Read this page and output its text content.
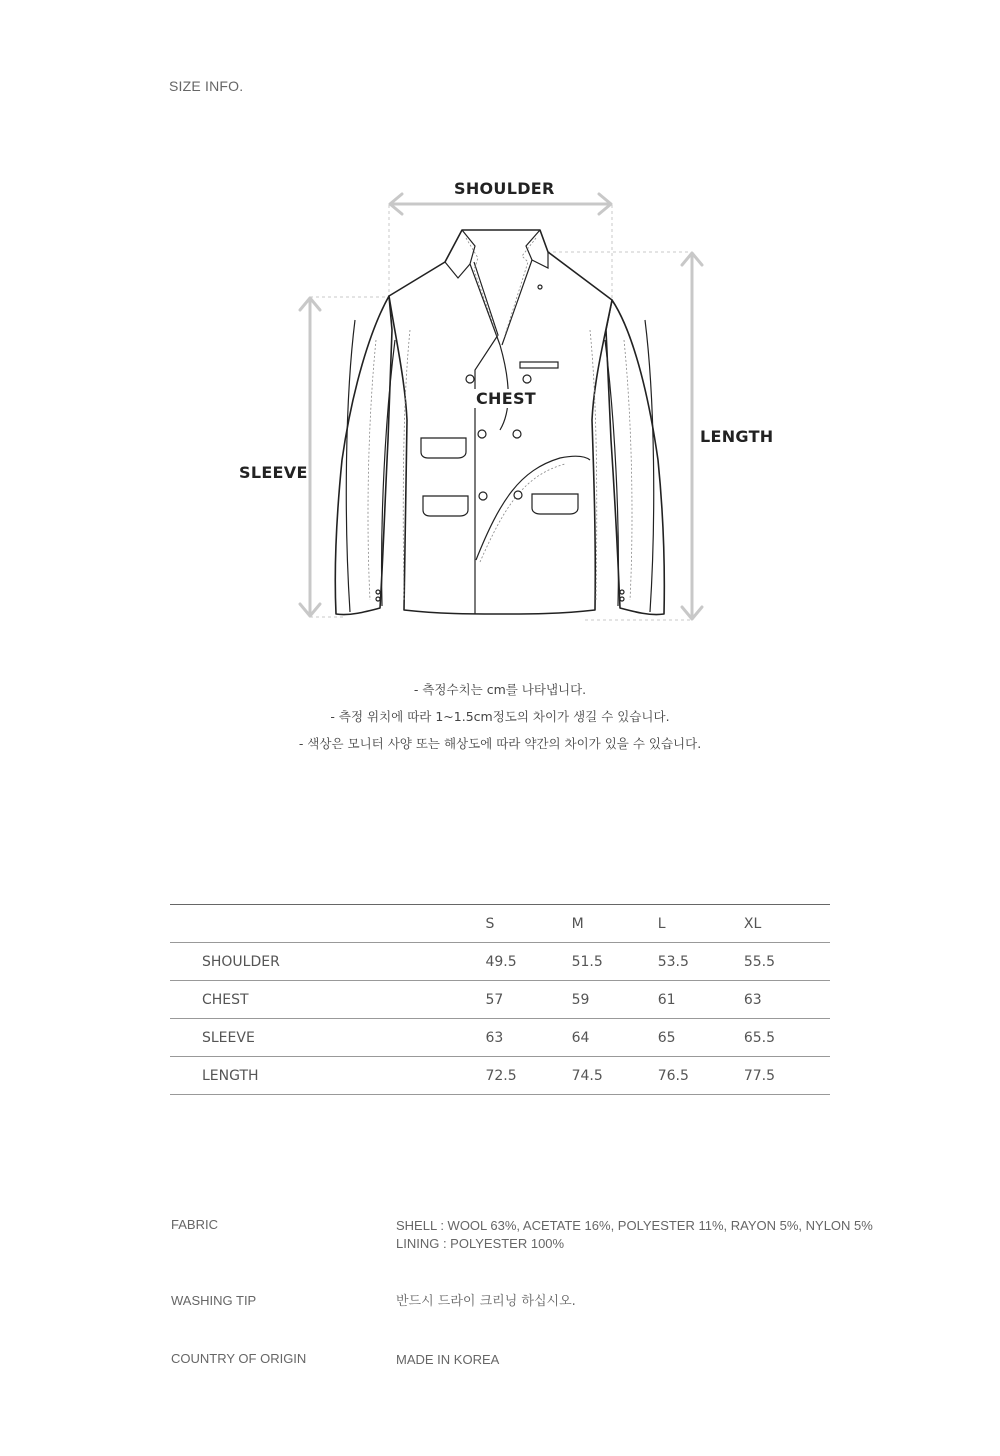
SIZE INFO.
SHOULDER
CHEST
SLEEVE
LENGTH
- 측정수치는 cm를 나타냅니다.
- 측정 위치에 따라 1~1.5cm정도의 차이가 생길 수 있습니다.
- 색상은 모니터 사양 또는 해상도에 따라 약간의 차이가 있을 수 있습니다.
	S	M	L	XL
SHOULDER	49.5	51.5	53.5	55.5
CHEST	57	59	61	63
SLEEVE	63	64	65	65.5
LENGTH	72.5	74.5	76.5	77.5
FABRIC	SHELL : WOOL 63%, ACETATE 16%, POLYESTER 11%, RAYON 5%, NYLON 5%
LINING : POLYESTER 100%
WASHING TIP	반드시 드라이 크리닝 하십시오.
COUNTRY OF ORIGIN	MADE IN KOREA
